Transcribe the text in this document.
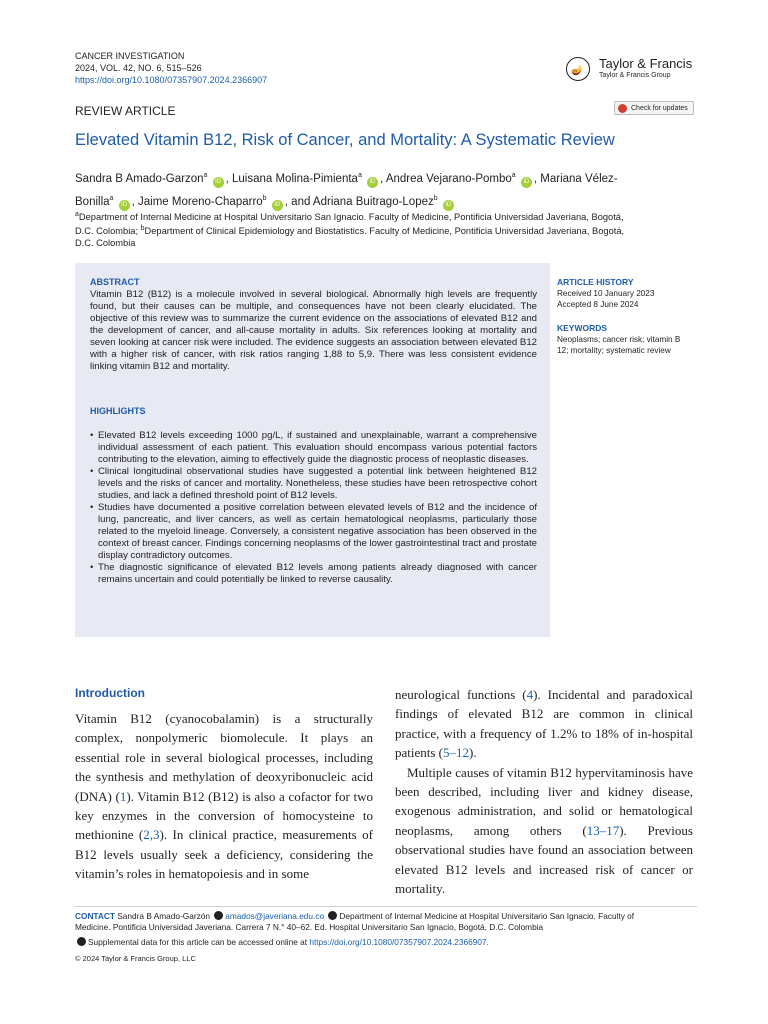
CANCER INVESTIGATION
2024, VOL. 42, NO. 6, 515–526
https://doi.org/10.1080/07357907.2024.2366907
🪔 Taylor & Francis
Taylor & Francis Group
REVIEW ARTICLE	Check for updates
Elevated Vitamin B12, Risk of Cancer, and Mortality: A Systematic Review
Sandra B Amado-Garzon$^a$ iD , Luisana Molina-Pimienta$^a$ iD , Andrea Vejarano-Pombo$^a$ iD , Mariana Vélez-
Bonilla$^a$ iD , Jaime Moreno-Chaparro$^b$ iD , and Adriana Buitrago-Lopez$^b$ iD
$^a$Department of Internal Medicine at Hospital Universitario San Ignacio. Faculty of Medicine, Pontificia Universidad Javeriana, Bogotá,
D.C. Colombia; $^b$Department of Clinical Epidemiology and Biostatistics. Faculty of Medicine, Pontificia Universidad Javeriana, Bogotá,
D.C. Colombia
ABSTRACT
Vitamin B12 (B12) is a molecule involved in several biological. Abnormally high levels are frequently found, but their causes can be multiple, and consequences have not been clearly elucidated. The objective of this review was to summarize the current evidence on the associations of elevated B12 and the development of cancer, and all-cause mortality in adults. Six references looking at mortality and seven looking at cancer risk were included. The evidence suggests an association between elevated B12 with a higher risk of cancer, with risk ratios ranging 1,88 to 5,9. There was less consistent evidence linking vitamin B12 and mortality.
HIGHLIGHTS
• Elevated B12 levels exceeding 1000 pg/L, if sustained and unexplainable, warrant a comprehensive individual assessment of each patient. This evaluation should encompass various potential factors contributing to the elevation, aiming to effectively guide the diagnostic process of neoplastic diseases.
• Clinical longitudinal observational studies have suggested a potential link between heightened B12 levels and the risks of cancer and mortality. Nonetheless, these studies have been retrospective cohort studies, and lack a defined threshold point of B12 levels.
• Studies have documented a positive correlation between elevated levels of B12 and the incidence of lung, pancreatic, and liver cancers, as well as certain hematological neoplasms, particularly those related to the myeloid lineage. Conversely, a consistent negative association has been observed in the context of breast cancer. Findings concerning neoplasms of the lower gastrointestinal tract and prostate display contradictory outcomes.
• The diagnostic significance of elevated B12 levels among patients already diagnosed with cancer remains uncertain and could potentially be linked to reverse causality.
ARTICLE HISTORY
Received 10 January 2023
Accepted 8 June 2024
KEYWORDS
Neoplasms; cancer risk; vitamin B 12; mortality; systematic review
Introduction
Vitamin B12 (cyanocobalamin) is a structurally complex, nonpolymeric biomolecule. It plays an essential role in several biological processes, including the synthesis and methylation of deoxyribonucleic acid (DNA) (1). Vitamin B12 (B12) is also a cofactor for two key enzymes in the conversion of homocysteine to methionine (2,3). In clinical practice, measurements of B12 levels usually seek a deficiency, considering the vitamin’s roles in hematopoiesis and in some
neurological functions (4). Incidental and paradoxical findings of elevated B12 are common in clinical practice, with a frequency of 1.2% to 18% of in-hospital patients (5–12).
Multiple causes of vitamin B12 hypervitaminosis have been described, including liver and kidney disease, exogenous administration, and solid or hematological neoplasms, among others (13–17). Previous observational studies have found an association between elevated B12 levels and increased risk of cancer or mortality.
CONTACT Sandra B Amado-Garzón amados@javeriana.edu.co Department of Internal Medicine at Hospital Universitario San Ignacio. Faculty of
Medicine. Pontificia Universidad Javeriana. Carrera 7 N.° 40–62. Ed. Hospital Universitario San Ignacio, Bogotá, D.C. Colombia
Supplemental data for this article can be accessed online at https://doi.org/10.1080/07357907.2024.2366907.
© 2024 Taylor & Francis Group, LLC
